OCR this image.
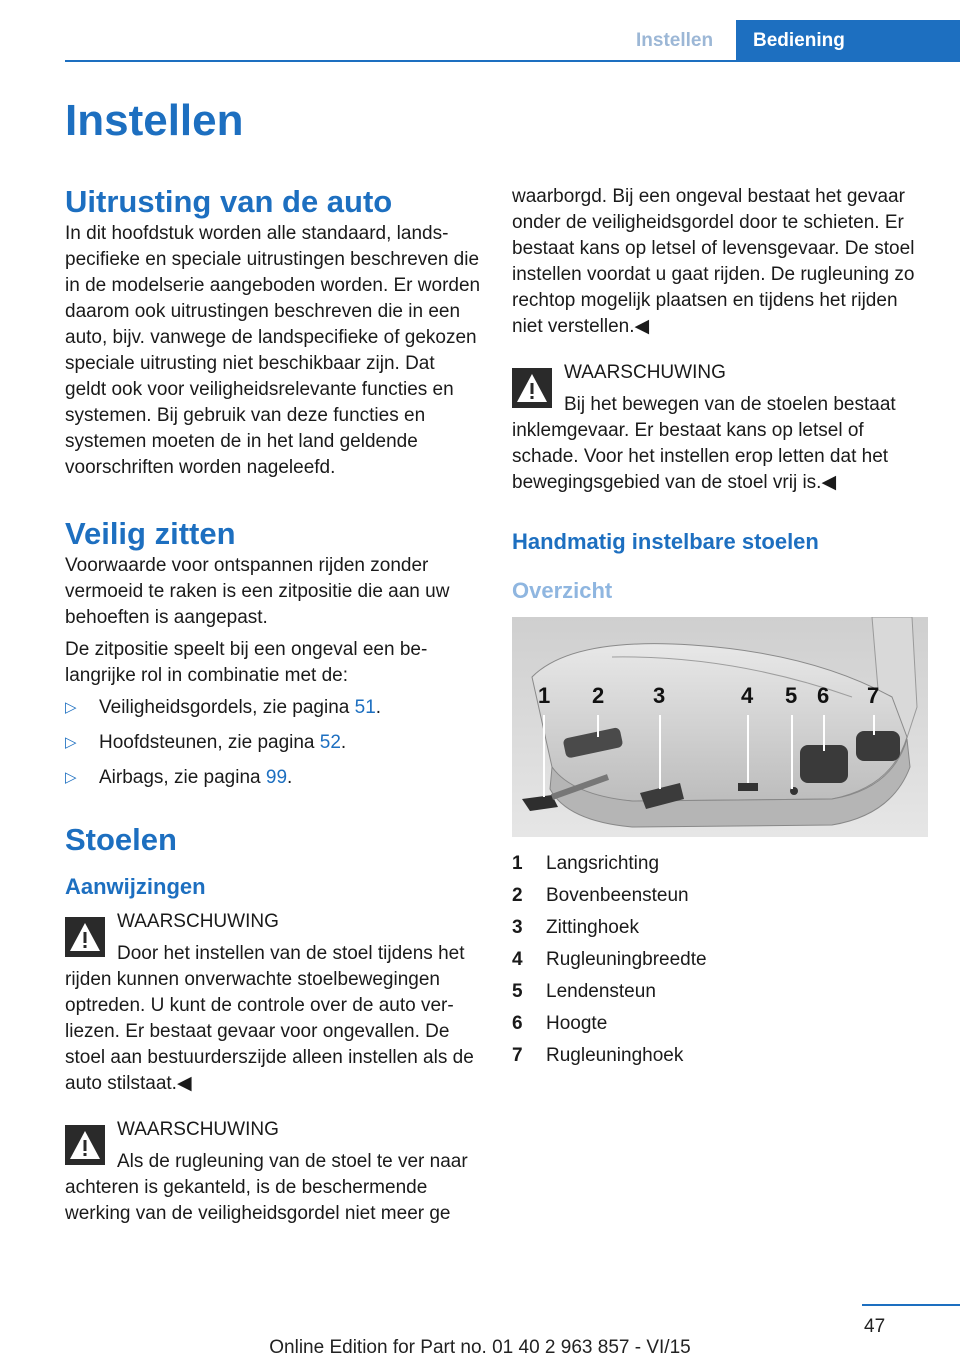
Instellen	Bediening
Instellen
Uitrusting van de auto

In dit hoofdstuk worden alle standaard, landspecifieke en speciale uitrustingen beschreven die in de modelserie aangeboden worden. Er worden daarom ook uitrustingen beschreven die in een auto, bijv. vanwege de landspecifieke of gekozen speciale uitrusting niet beschikbaar zijn. Dat geldt ook voor veiligheidsrelevante functies en systemen. Bij gebruik van deze functies en systemen moeten de in het land geldende voorschriften worden nageleefd.

Veilig zitten

Voorwaarde voor ontspannen rijden zonder vermoeid te raken is een zitpositie die aan uw behoeften is aangepast.

De zitpositie speelt bij een ongeval een belangrijke rol in combinatie met de:

▷ Veiligheidsgordels, zie pagina 51.
▷ Hoofdsteunen, zie pagina 52.
▷ Airbags, zie pagina 99.
Stoelen
Aanwijzingen
WAARSCHUWING

Door het instellen van de stoel tijdens het rijden kunnen onverwachte stoelbewegingen optreden. U kunt de controle over de auto verliezen. Er bestaat gevaar voor ongevallen. De stoel aan bestuurderszijde alleen instellen als de auto stilstaat.◀

WAARSCHUWING

Als de rugleuning van de stoel te ver naar achteren is gekanteld, is de beschermende werking van de veiligheidsgordel niet meer ge

waarborgd. Bij een ongeval bestaat het gevaar onder de veiligheidsgordel door te schieten. Er bestaat kans op letsel of levensgevaar. De stoel instellen voordat u gaat rijden. De rugleuning zo rechtop mogelijk plaatsen en tijdens het rijden niet verstellen.◀

WAARSCHUWING

Bij het bewegen van de stoelen bestaat inklemgevaar. Er bestaat kans op letsel of schade. Voor het instellen erop letten dat het bewegingsgebied van de stoel vrij is.◀

Handmatig instelbare stoelen
Overzicht
1 2 3	4 5 6 7
1	Langsrichting
2	Bovenbeensteun
3	Zittinghoek
4	Rugleuningbreedte
5	Lendensteun
6	Hoogte
7	Rugleuninghoek
47
Online Edition for Part no. 01 40 2 963 857 - VI/15
